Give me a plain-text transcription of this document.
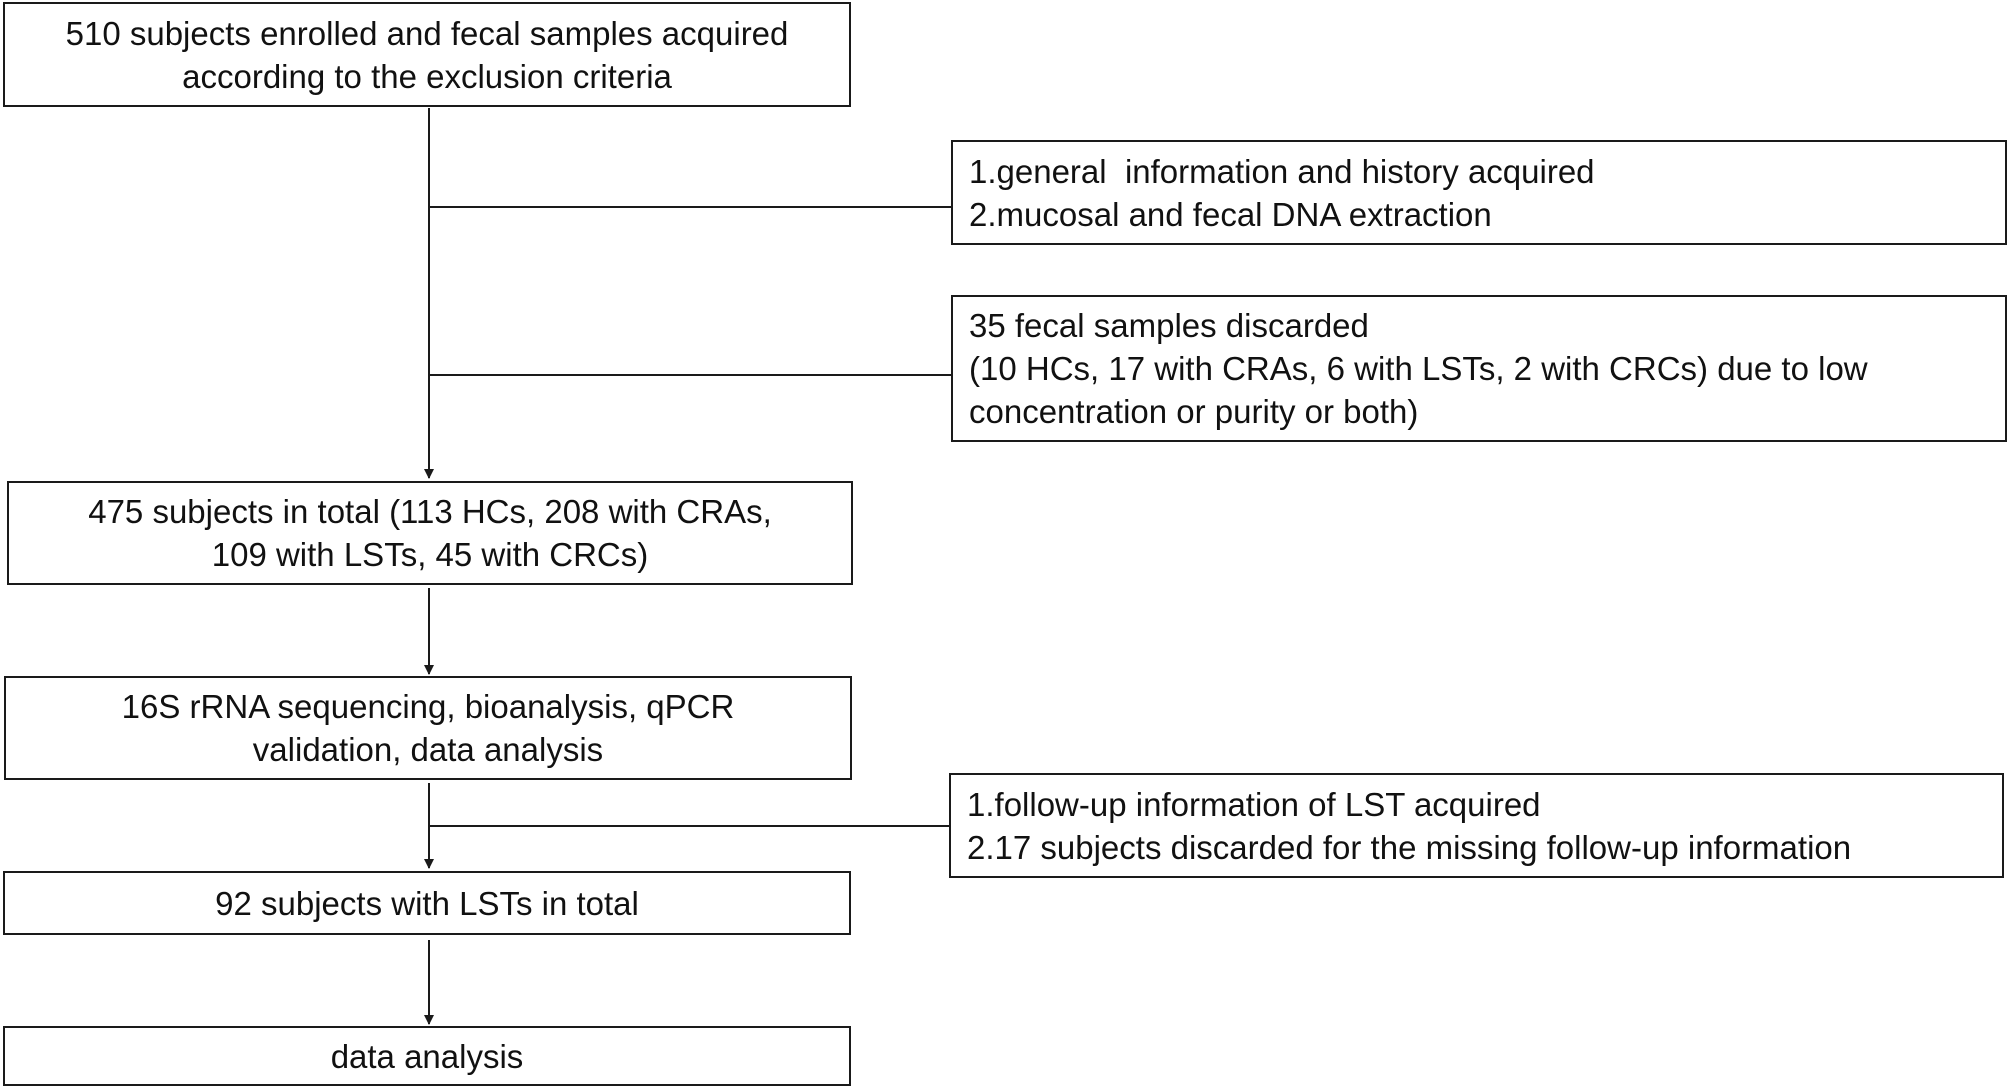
510 subjects enrolled and fecal samples acquired
according to the exclusion criteria
1.general  information and history acquired
2.mucosal and fecal DNA extraction
35 fecal samples discarded
(10 HCs, 17 with CRAs, 6 with LSTs, 2 with CRCs) due to low
concentration or purity or both)
475 subjects in total (113 HCs, 208 with CRAs,
109 with LSTs, 45 with CRCs)
16S rRNA sequencing, bioanalysis, qPCR
validation, data analysis
1.follow-up information of LST acquired
2.17 subjects discarded for the missing follow-up information
92 subjects with LSTs in total
data analysis
